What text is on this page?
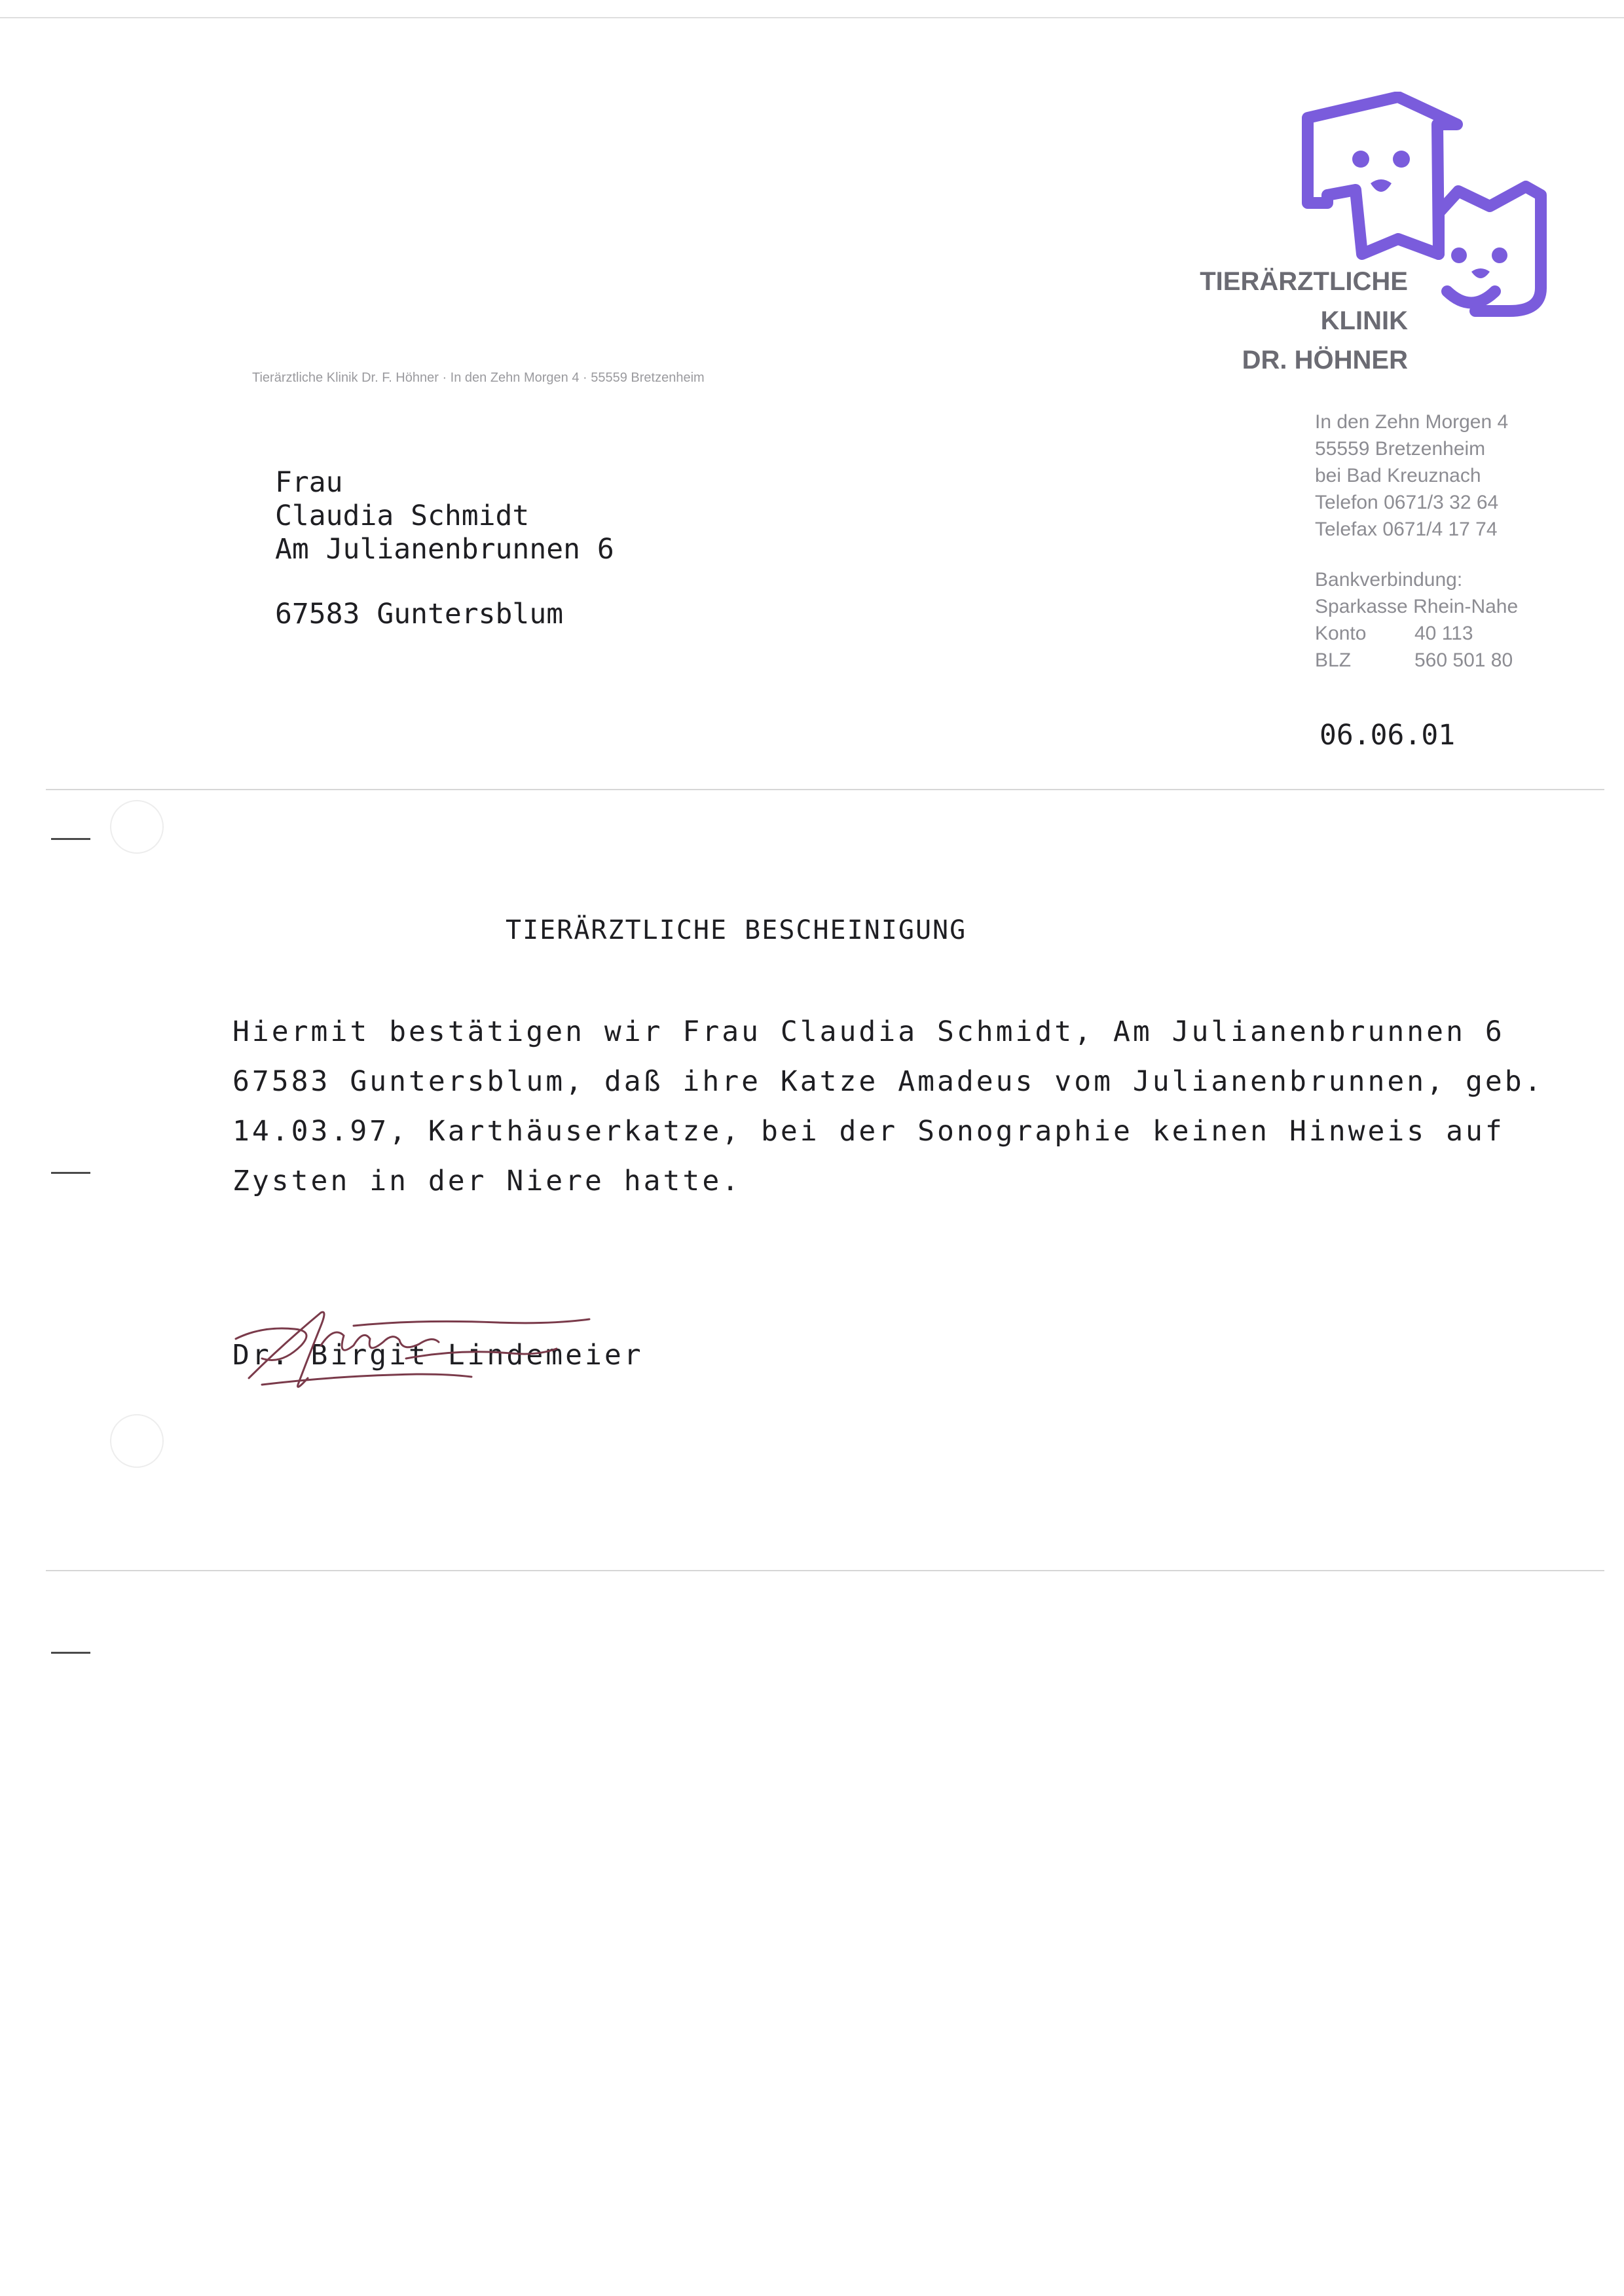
TIERÄRZTLICHE
KLINIK
DR. HÖHNER
Tierärztliche Klinik Dr. F. Höhner · In den Zehn Morgen 4 · 55559 Bretzenheim
Frau
Claudia Schmidt
Am Julianenbrunnen 6
67583 Guntersblum
In den Zehn Morgen 4
55559 Bretzenheim
bei Bad Kreuznach
Telefon 0671/3 32 64
Telefax 0671/4 17 74
Bankverbindung:
Sparkasse Rhein-Nahe
Konto 40 113
BLZ	560 501 80
06.06.01
TIERÄRZTLICHE BESCHEINIGUNG
Hiermit bestätigen wir Frau Claudia Schmidt, Am Julianenbrunnen 6
67583 Guntersblum, daß ihre Katze Amadeus vom Julianenbrunnen, geb.
14.03.97, Karthäuserkatze, bei der Sonographie keinen Hinweis auf
Zysten in der Niere hatte.
Dr. Birgit Lindemeier
